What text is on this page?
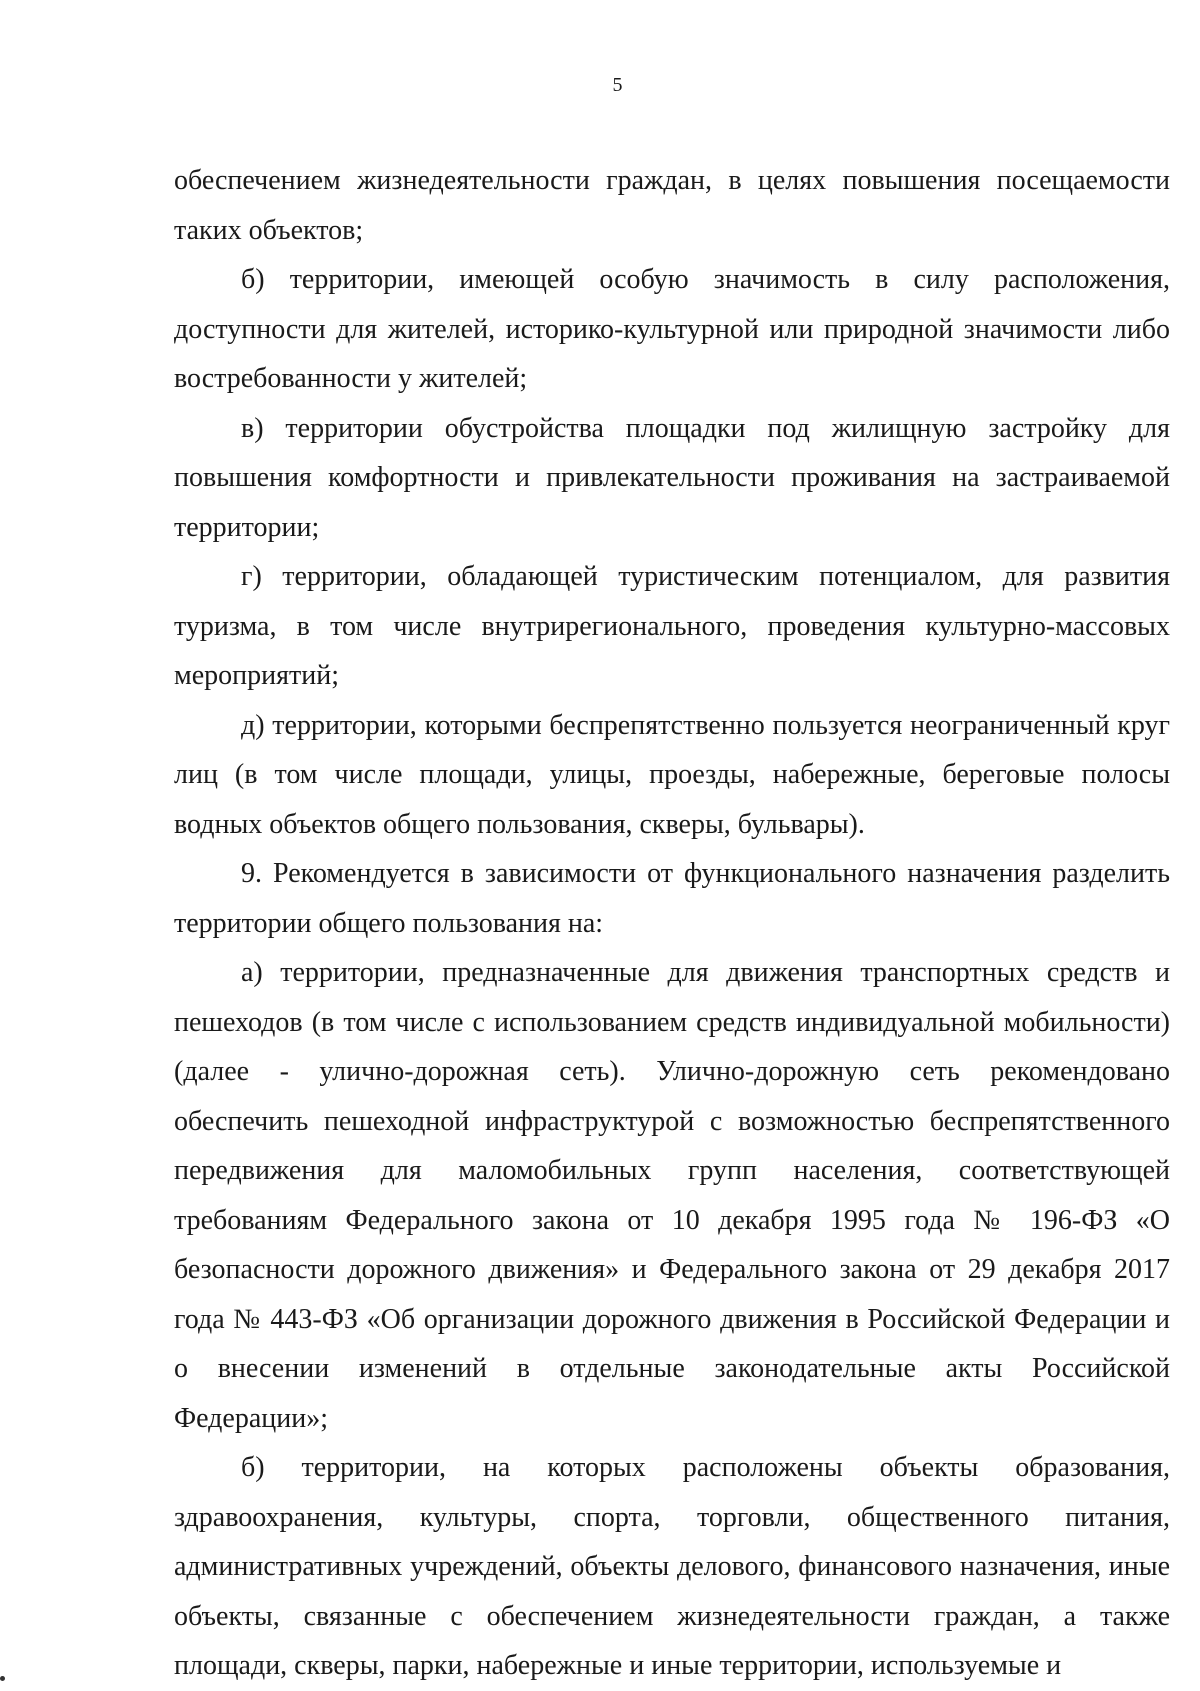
5

обеспечением жизнедеятельности граждан, в целях повышения посещаемости таких объектов;

б) территории, имеющей особую значимость в силу расположения, доступности для жителей, историко-культурной или природной значимости либо востребованности у жителей;

в) территории обустройства площадки под жилищную застройку для повышения комфортности и привлекательности проживания на застраиваемой территории;

г) территории, обладающей туристическим потенциалом, для развития туризма, в том числе внутрирегионального, проведения культурно-массовых мероприятий;

д) территории, которыми беспрепятственно пользуется неограниченный круг лиц (в том числе площади, улицы, проезды, набережные, береговые полосы водных объектов общего пользования, скверы, бульвары).

9. Рекомендуется в зависимости от функционального назначения разделить территории общего пользования на:

а) территории, предназначенные для движения транспортных средств и пешеходов (в том числе с использованием средств индивидуальной мобильности) (далее - улично-дорожная сеть). Улично-дорожную сеть рекомендовано обеспечить пешеходной инфраструктурой с возможностью беспрепятственного передвижения для маломобильных групп населения, соответствующей требованиям Федерального закона от 10 декабря 1995 года № 196-ФЗ «О безопасности дорожного движения» и Федерального закона от 29 декабря 2017 года № 443-ФЗ «Об организации дорожного движения в Российской Федерации и о внесении изменений в отдельные законодательные акты Российской Федерации»;

б) территории, на которых расположены объекты образования, здравоохранения, культуры, спорта, торговли, общественного питания, административных учреждений, объекты делового, финансового назначения, иные объекты, связанные с обеспечением жизнедеятельности граждан, а также площади, скверы, парки, набережные и иные территории, используемые и
